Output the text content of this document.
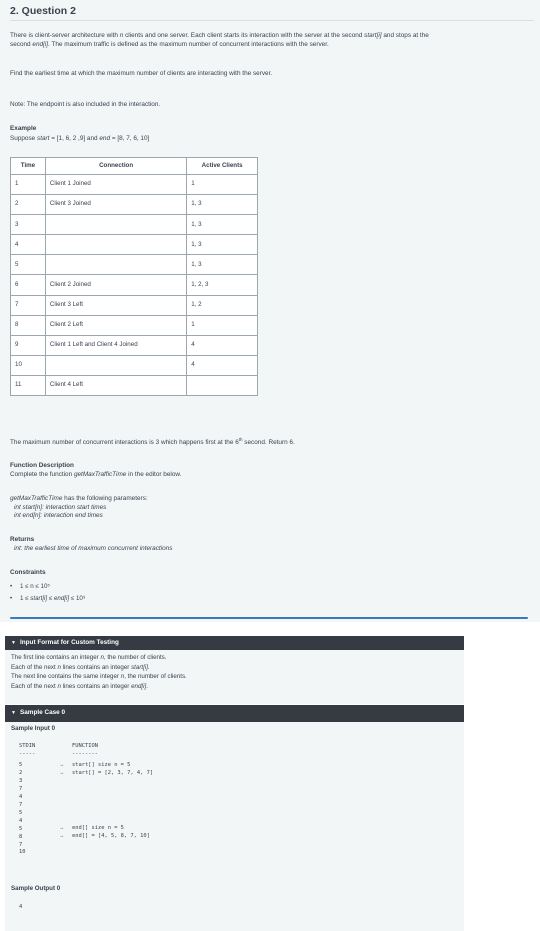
2. Question 2
There is client-server architecture with n clients and one server. Each client starts its interaction with the server at the second start[i] and stops at the
second end[i]. The maximum traffic is defined as the maximum number of concurrent interactions with the server.
Find the earliest time at which the maximum number of clients are interacting with the server.
Note: The endpoint is also included in the interaction.
Example
Suppose start = [1, 6, 2 ,9] and end = [8, 7, 6, 10]
Time	Connection	Active Clients
1	Client 1 Joined	1
2	Client 3 Joined	1, 3
3		1, 3
4		1, 3
5		1, 3
6	Client 2 Joined	1, 2, 3
7	Client 3 Left	1, 2
8	Client 2 Left	1
9	Client 1 Left and Client 4 Joined	4
10		4
11	Client 4 Left	
The maximum number of concurrent interactions is 3 which happens first at the 6th second. Return 6.
Function Description
Complete the function getMaxTrafficTime in the editor below.
getMaxTrafficTime has the following parameters:
int start[n]: interaction start times
int end[n]: interaction end times
Returns
int: the earliest time of maximum concurrent interactions
Constraints
• 1 ≤ n ≤ 10⁵
• 1 ≤ start[i] ≤ end[i] ≤ 10⁹
▼ Input Format for Custom Testing
The first line contains an integer n, the number of clients.
Each of the next n lines contains an integer start[i].
The next line contains the same integer n, the number of clients.
Each of the next n lines contains an integer end[i].
▼ Sample Case 0
Sample Input 0
STDIN
-----
FUNCTION
--------
→
→
→
→
start[] size n = 5
start[] = [2, 3, 7, 4, 7]
end[] size n = 5
end[] = [4, 5, 8, 7, 10]
Sample Output 0
4
5
2
3
7
4
7
5
4
5
8
7
10
